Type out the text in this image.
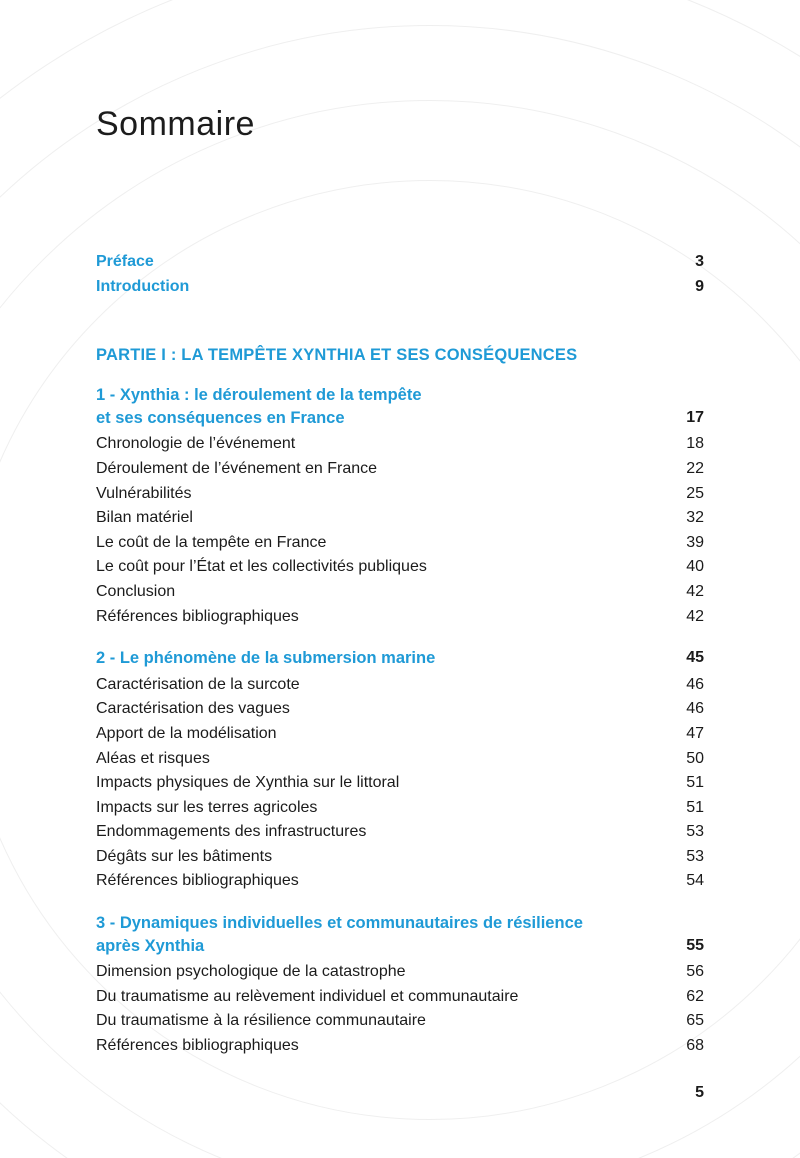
Sommaire
Préface	3
Introduction	9
PARTIE I : LA TEMPÊTE XYNTHIA ET SES CONSÉQUENCES
1 - Xynthia : le déroulement de la tempête
et ses conséquences en France	17
Chronologie de l’événement	18
Déroulement de l’événement en France	22
Vulnérabilités	25
Bilan matériel	32
Le coût de la tempête en France	39
Le coût pour l’État et les collectivités publiques	40
Conclusion	42
Références bibliographiques	42
2 - Le phénomène de la submersion marine	45
Caractérisation de la surcote	46
Caractérisation des vagues	46
Apport de la modélisation	47
Aléas et risques	50
Impacts physiques de Xynthia sur le littoral	51
Impacts sur les terres agricoles	51
Endommagements des infrastructures	53
Dégâts sur les bâtiments	53
Références bibliographiques	54
3 - Dynamiques individuelles et communautaires de résilience
après Xynthia	55
Dimension psychologique de la catastrophe	56
Du traumatisme au relèvement individuel et communautaire	62
Du traumatisme à la résilience communautaire	65
Références bibliographiques	68
5
